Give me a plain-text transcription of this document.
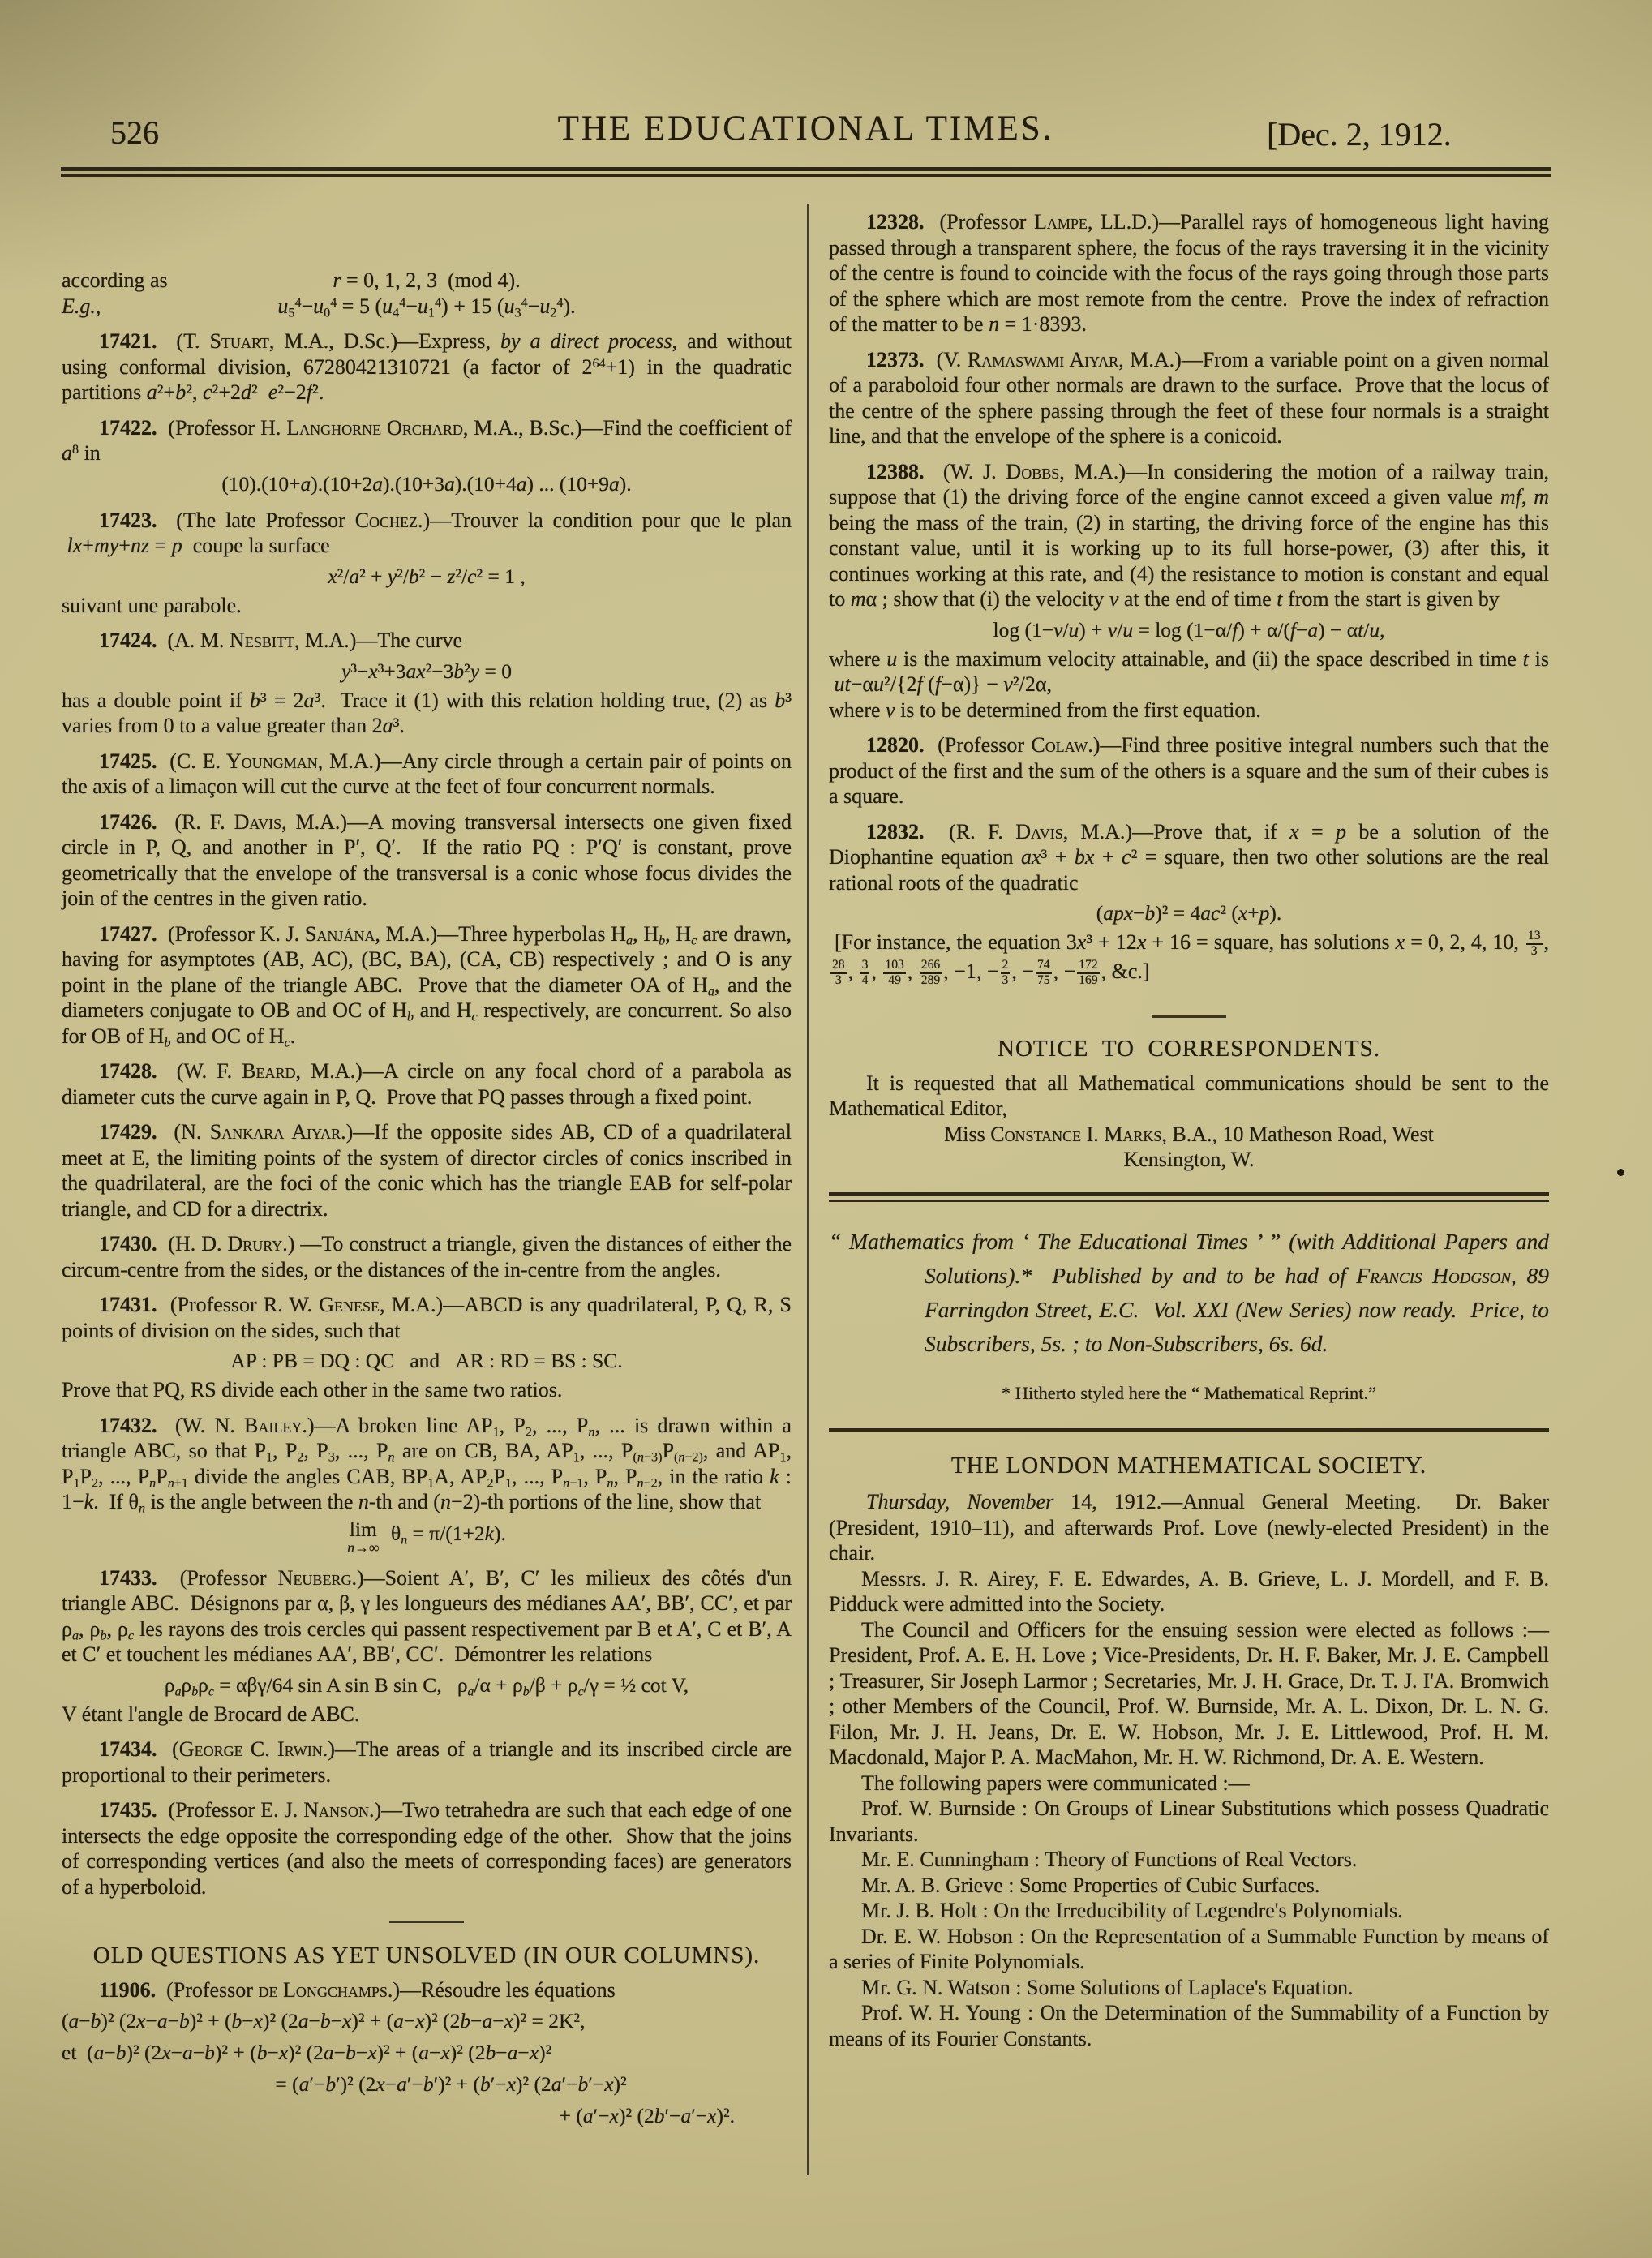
526	THE EDUCATIONAL TIMES.	[Dec. 2, 1912.
according as	r = 0, 1, 2, 3  (mod 4).
E.g.,	$u_5^4-u_0^4 = 5$ $(u_4^4-u_1^4) + 15$ $(u_3^4-u_2^4)$.

17421.  (T. Stuart, M.A., D.Sc.)—Express, by a direct process, and without using conformal division, 67280421310721 (a factor of $2^{64}+1$) in the quadratic partitions a²+b², c²+2d²  e²−2f².

17422.  (Professor H. Langhorne Orchard, M.A., B.Sc.)—Find the coefficient of $a^8$ in

(10).(10+a).(10+2a).(10+3a).(10+4a) ... (10+9a).

17423.  (The late Professor Cochez.)—Trouver la condition pour que le plan  lx+my+nz = p  coupe la surface

x²/a² + y²/b² − z²/c² = 1 ,

suivant une parabole.

17424.  (A. M. Nesbitt, M.A.)—The curve

y³−x³+3ax²−3b²y = 0

has a double point if b³ = 2a³.  Trace it (1) with this relation holding true, (2) as b³ varies from 0 to a value greater than 2a³.

17425.  (C. E. Youngman, M.A.)—Any circle through a certain pair of points on the axis of a limaçon will cut the curve at the feet of four concurrent normals.

17426.  (R. F. Davis, M.A.)—A moving transversal intersects one given fixed circle in P, Q, and another in P′, Q′.  If the ratio PQ : P′Q′ is constant, prove geometrically that the envelope of the transversal is a conic whose focus divides the join of the centres in the given ratio.

17427.  (Professor K. J. Sanjána, M.A.)—Three hyperbolas $H_a$, $H_b$, $H_c$ are drawn, having for asymptotes (AB, AC), (BC, BA), (CA, CB) respectively ; and O is any point in the plane of the triangle ABC.  Prove that the diameter OA of $H_a$, and the diameters conjugate to OB and OC of $H_b$ and $H_c$ respectively, are concurrent. So also for OB of $H_b$ and OC of $H_c$.

17428.  (W. F. Beard, M.A.)—A circle on any focal chord of a parabola as diameter cuts the curve again in P, Q.  Prove that PQ passes through a fixed point.

17429.  (N. Sankara Aiyar.)—If the opposite sides AB, CD of a quadrilateral meet at E, the limiting points of the system of director circles of conics inscribed in the quadrilateral, are the foci of the conic which has the triangle EAB for self-polar triangle, and CD for a directrix.

17430.  (H. D. Drury.) —To construct a triangle, given the distances of either the circum-centre from the sides, or the distances of the in-centre from the angles.

17431.  (Professor R. W. Genese, M.A.)—ABCD is any quadrilateral, P, Q, R, S points of division on the sides, such that

AP : PB = DQ : QC   and   AR : RD = BS : SC.

Prove that PQ, RS divide each other in the same two ratios.

17432.  (W. N. Bailey.)—A broken line $AP_1$, $P_2$, ..., $P_n$, ... is drawn within a triangle ABC, so that $P_1$, $P_2$, $P_3$, ..., $P_n$ are on CB, BA, $AP_1$, ..., $P_{(n-3)}P_{(n-2)}$, and $AP_1$, $P_1P_2$, ..., $P_nP_{n+1}$ divide the angles CAB, $BP_1A$, $AP_2P_1$, ..., $P_{n-1}$, $P_n$, $P_{n-2}$, in the ratio k : 1−k.  If $\theta_n$ is the angle between the n-th and (n−2)-th portions of the line, show that

lim
n→∞
$\theta_n = \pi/(1+2k)$.

17433.  (Professor Neuberg.)—Soient A′, B′, C′ les milieux des côtés d'un triangle ABC.  Désignons par α, β, γ les longueurs des médianes AA′, BB′, CC′, et par $\rho_a$, $\rho_b$, $\rho_c$ les rayons des trois cercles qui passent respectivement par B et A′, C et B′, A et C′ et touchent les médianes AA′, BB′, CC′.  Démontrer les relations

$\rho_a\rho_b\rho_c = \alpha\beta\gamma/64$ sin A sin B sin C,   $\rho_a/\alpha + \rho_b/\beta + \rho_c/\gamma$ = ½ cot V,

V étant l'angle de Brocard de ABC.

17434.  (George C. Irwin.)—The areas of a triangle and its inscribed circle are proportional to their perimeters.

17435.  (Professor E. J. Nanson.)—Two tetrahedra are such that each edge of one intersects the edge opposite the corresponding edge of the other.  Show that the joins of corresponding vertices (and also the meets of corresponding faces) are generators of a hyperboloid.

OLD QUESTIONS AS YET UNSOLVED (IN OUR COLUMNS).

11906.  (Professor de Longchamps.)—Résoudre les équations

(a−b)² (2x−a−b)² + (b−x)² (2a−b−x)² + (a−x)² (2b−a−x)² = 2K²,
et  (a−b)² (2x−a−b)² + (b−x)² (2a−b−x)² + (a−x)² (2b−a−x)²
= (a′−b′)² (2x−a′−b′)² + (b′−x)² (2a′−b′−x)²
+ (a′−x)² (2b′−a′−x)².

12328.  (Professor Lampe, LL.D.)—Parallel rays of homogeneous light having passed through a transparent sphere, the focus of the rays traversing it in the vicinity of the centre is found to coincide with the focus of the rays going through those parts of the sphere which are most remote from the centre.  Prove the index of refraction of the matter to be n = 1·8393.

12373.  (V. Ramaswami Aiyar, M.A.)—From a variable point on a given normal of a paraboloid four other normals are drawn to the surface.  Prove that the locus of the centre of the sphere passing through the feet of these four normals is a straight line, and that the envelope of the sphere is a conicoid.

12388.  (W. J. Dobbs, M.A.)—In considering the motion of a railway train, suppose that (1) the driving force of the engine cannot exceed a given value mf, m being the mass of the train, (2) in starting, the driving force of the engine has this constant value, until it is working up to its full horse-power, (3) after this, it continues working at this rate, and (4) the resistance to motion is constant and equal to mα ; show that (i) the velocity v at the end of time t from the start is given by

log (1−v/u) + v/u = log (1−α/f) + α/(f−a) − αt/u,

where u is the maximum velocity attainable, and (ii) the space described in time t is  ut−αu²/{2f (f−α)} − v²/2α,

where v is to be determined from the first equation.

12820.  (Professor Colaw.)—Find three positive integral numbers such that the product of the first and the sum of the others is a square and the sum of their cubes is a square.

12832.  (R. F. Davis, M.A.)—Prove that, if x = p be a solution of the Diophantine equation ax³ + bx + c² = square, then two other solutions are the real rational roots of the quadratic

(apx−b)² = 4ac² (x+p).

[For instance, the equation 3x³ + 12x + 16 = square, has solutions x = 0, 2, 4, 10, $\frac{13}{3}$ ,
$\frac{28}{3}$ , $\frac{3}{4}$ , $\frac{103}{49}$ , $\frac{266}{289}$ , −1, − $\frac{2}{3}$ , − $\frac{74}{75}$ , − $\frac{172}{169}$ , &c.]

NOTICE  TO  CORRESPONDENTS.

It is requested that all Mathematical communications should be sent to the Mathematical Editor,

Miss Constance I. Marks, B.A., 10 Matheson Road, West

Kensington, W.

“ Mathematics from ‘ The Educational Times ’ ” (with Additional Papers and Solutions).*  Published by and to be had of Francis Hodgson, 89 Farringdon Street, E.C.  Vol. XXI (New Series) now ready.  Price, to Subscribers, 5s. ; to Non-Subscribers, 6s. 6d.

* Hitherto styled here the “ Mathematical Reprint.”
THE LONDON MATHEMATICAL SOCIETY.

Thursday, November 14, 1912.—Annual General Meeting.  Dr. Baker (President, 1910–11), and afterwards Prof. Love (newly-elected President) in the chair.

Messrs. J. R. Airey, F. E. Edwardes, A. B. Grieve, L. J. Mordell, and F. B. Pidduck were admitted into the Society.

The Council and Officers for the ensuing session were elected as follows :—President, Prof. A. E. H. Love ; Vice-Presidents, Dr. H. F. Baker, Mr. J. E. Campbell ; Treasurer, Sir Joseph Larmor ; Secretaries, Mr. J. H. Grace, Dr. T. J. I'A. Bromwich ; other Members of the Council, Prof. W. Burnside, Mr. A. L. Dixon, Dr. L. N. G. Filon, Mr. J. H. Jeans, Dr. E. W. Hobson, Mr. J. E. Littlewood, Prof. H. M. Macdonald, Major P. A. MacMahon, Mr. H. W. Richmond, Dr. A. E. Western.

The following papers were communicated :—

Prof. W. Burnside : On Groups of Linear Substitutions which possess Quadratic Invariants.

Mr. E. Cunningham : Theory of Functions of Real Vectors.

Mr. A. B. Grieve : Some Properties of Cubic Surfaces.

Mr. J. B. Holt : On the Irreducibility of Legendre's Polynomials.

Dr. E. W. Hobson : On the Representation of a Summable Function by means of a series of Finite Polynomials.

Mr. G. N. Watson : Some Solutions of Laplace's Equation.

Prof. W. H. Young : On the Determination of the Summability of a Function by means of its Fourier Constants.
